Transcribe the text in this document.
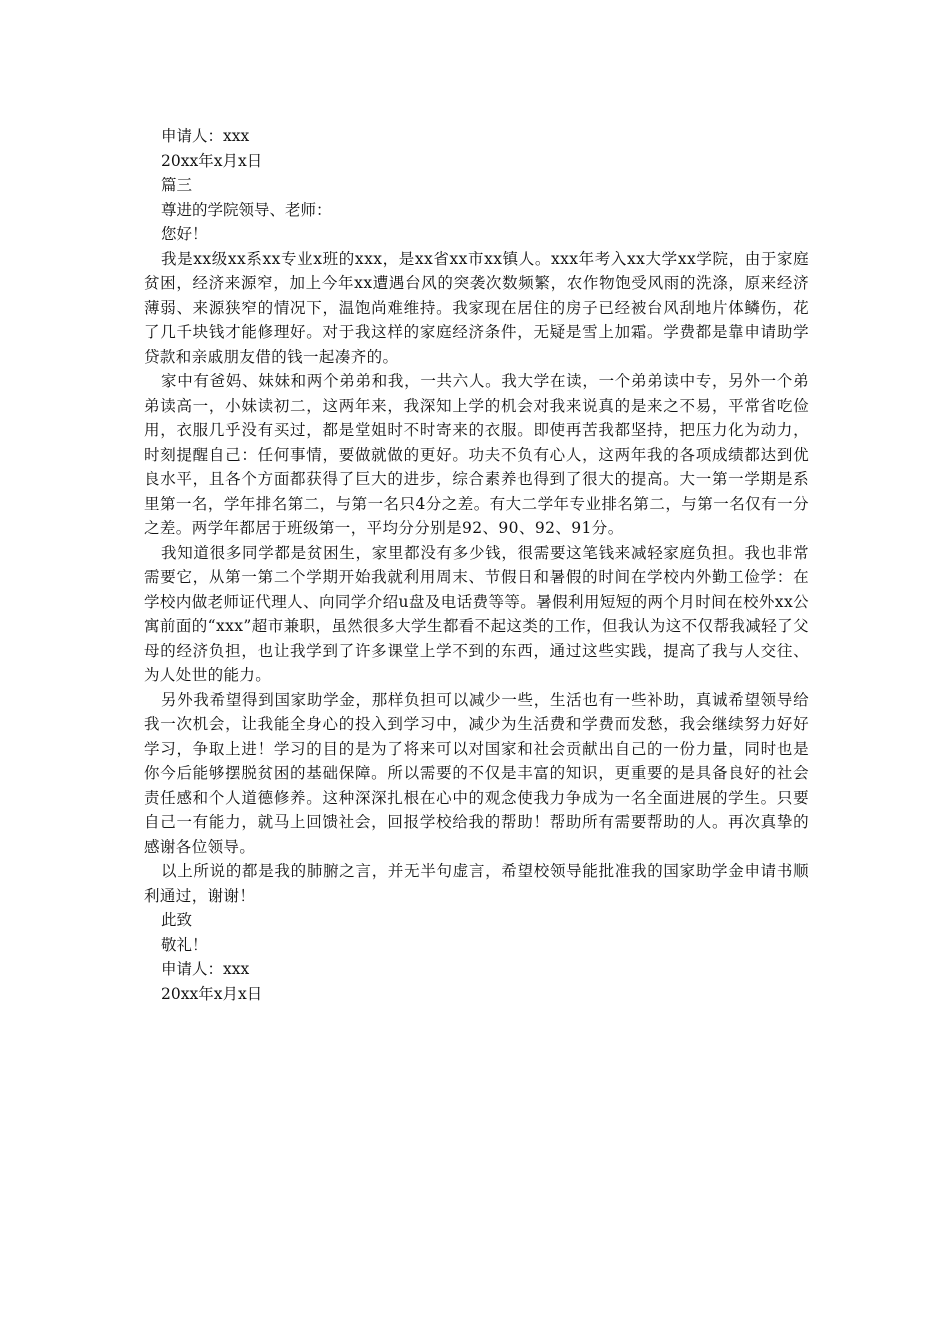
申请人：xxx

20xx年x月x日

篇三

尊进的学院领导、老师：

您好！

我是xx级xx系xx专业x班的xxx，是xx省xx市xx镇人。xxx年考入xx大学xx学院，由于家庭贫困，经济来源窄，加上今年xx遭遇台风的突袭次数频繁，农作物饱受风雨的洗涤，原来经济薄弱、来源狭窄的情况下，温饱尚难维持。我家现在居住的房子已经被台风刮地片体鳞伤，花了几千块钱才能修理好。对于我这样的家庭经济条件，无疑是雪上加霜。学费都是靠申请助学贷款和亲戚朋友借的钱一起凑齐的。

家中有爸妈、妹妹和两个弟弟和我，一共六人。我大学在读，一个弟弟读中专，另外一个弟弟读高一，小妹读初二，这两年来，我深知上学的机会对我来说真的是来之不易，平常省吃俭用，衣服几乎没有买过，都是堂姐时不时寄来的衣服。即使再苦我都坚持，把压力化为动力，时刻提醒自己：任何事情，要做就做的更好。功夫不负有心人，这两年我的各项成绩都达到优良水平，且各个方面都获得了巨大的进步，综合素养也得到了很大的提高。大一第一学期是系里第一名，学年排名第二，与第一名只4分之差。有大二学年专业排名第二，与第一名仅有一分之差。两学年都居于班级第一，平均分分别是92、90、92、91分。

我知道很多同学都是贫困生，家里都没有多少钱，很需要这笔钱来减轻家庭负担。我也非常需要它，从第一第二个学期开始我就利用周末、节假日和暑假的时间在学校内外勤工俭学：在学校内做老师证代理人、向同学介绍u盘及电话费等等。暑假利用短短的两个月时间在校外xx公寓前面的“xxx”超市兼职，虽然很多大学生都看不起这类的工作，但我认为这不仅帮我减轻了父母的经济负担，也让我学到了许多课堂上学不到的东西，通过这些实践，提高了我与人交往、为人处世的能力。

另外我希望得到国家助学金，那样负担可以减少一些，生活也有一些补助，真诚希望领导给我一次机会，让我能全身心的投入到学习中，减少为生活费和学费而发愁，我会继续努力好好学习，争取上进！学习的目的是为了将来可以对国家和社会贡献出自己的一份力量，同时也是你今后能够摆脱贫困的基础保障。所以需要的不仅是丰富的知识，更重要的是具备良好的社会责任感和个人道德修养。这种深深扎根在心中的观念使我力争成为一名全面进展的学生。只要自己一有能力，就马上回馈社会，回报学校给我的帮助！帮助所有需要帮助的人。再次真挚的感谢各位领导。

以上所说的都是我的肺腑之言，并无半句虚言，希望校领导能批准我的国家助学金申请书顺利通过，谢谢！

此致

敬礼！

申请人：xxx

20xx年x月x日
